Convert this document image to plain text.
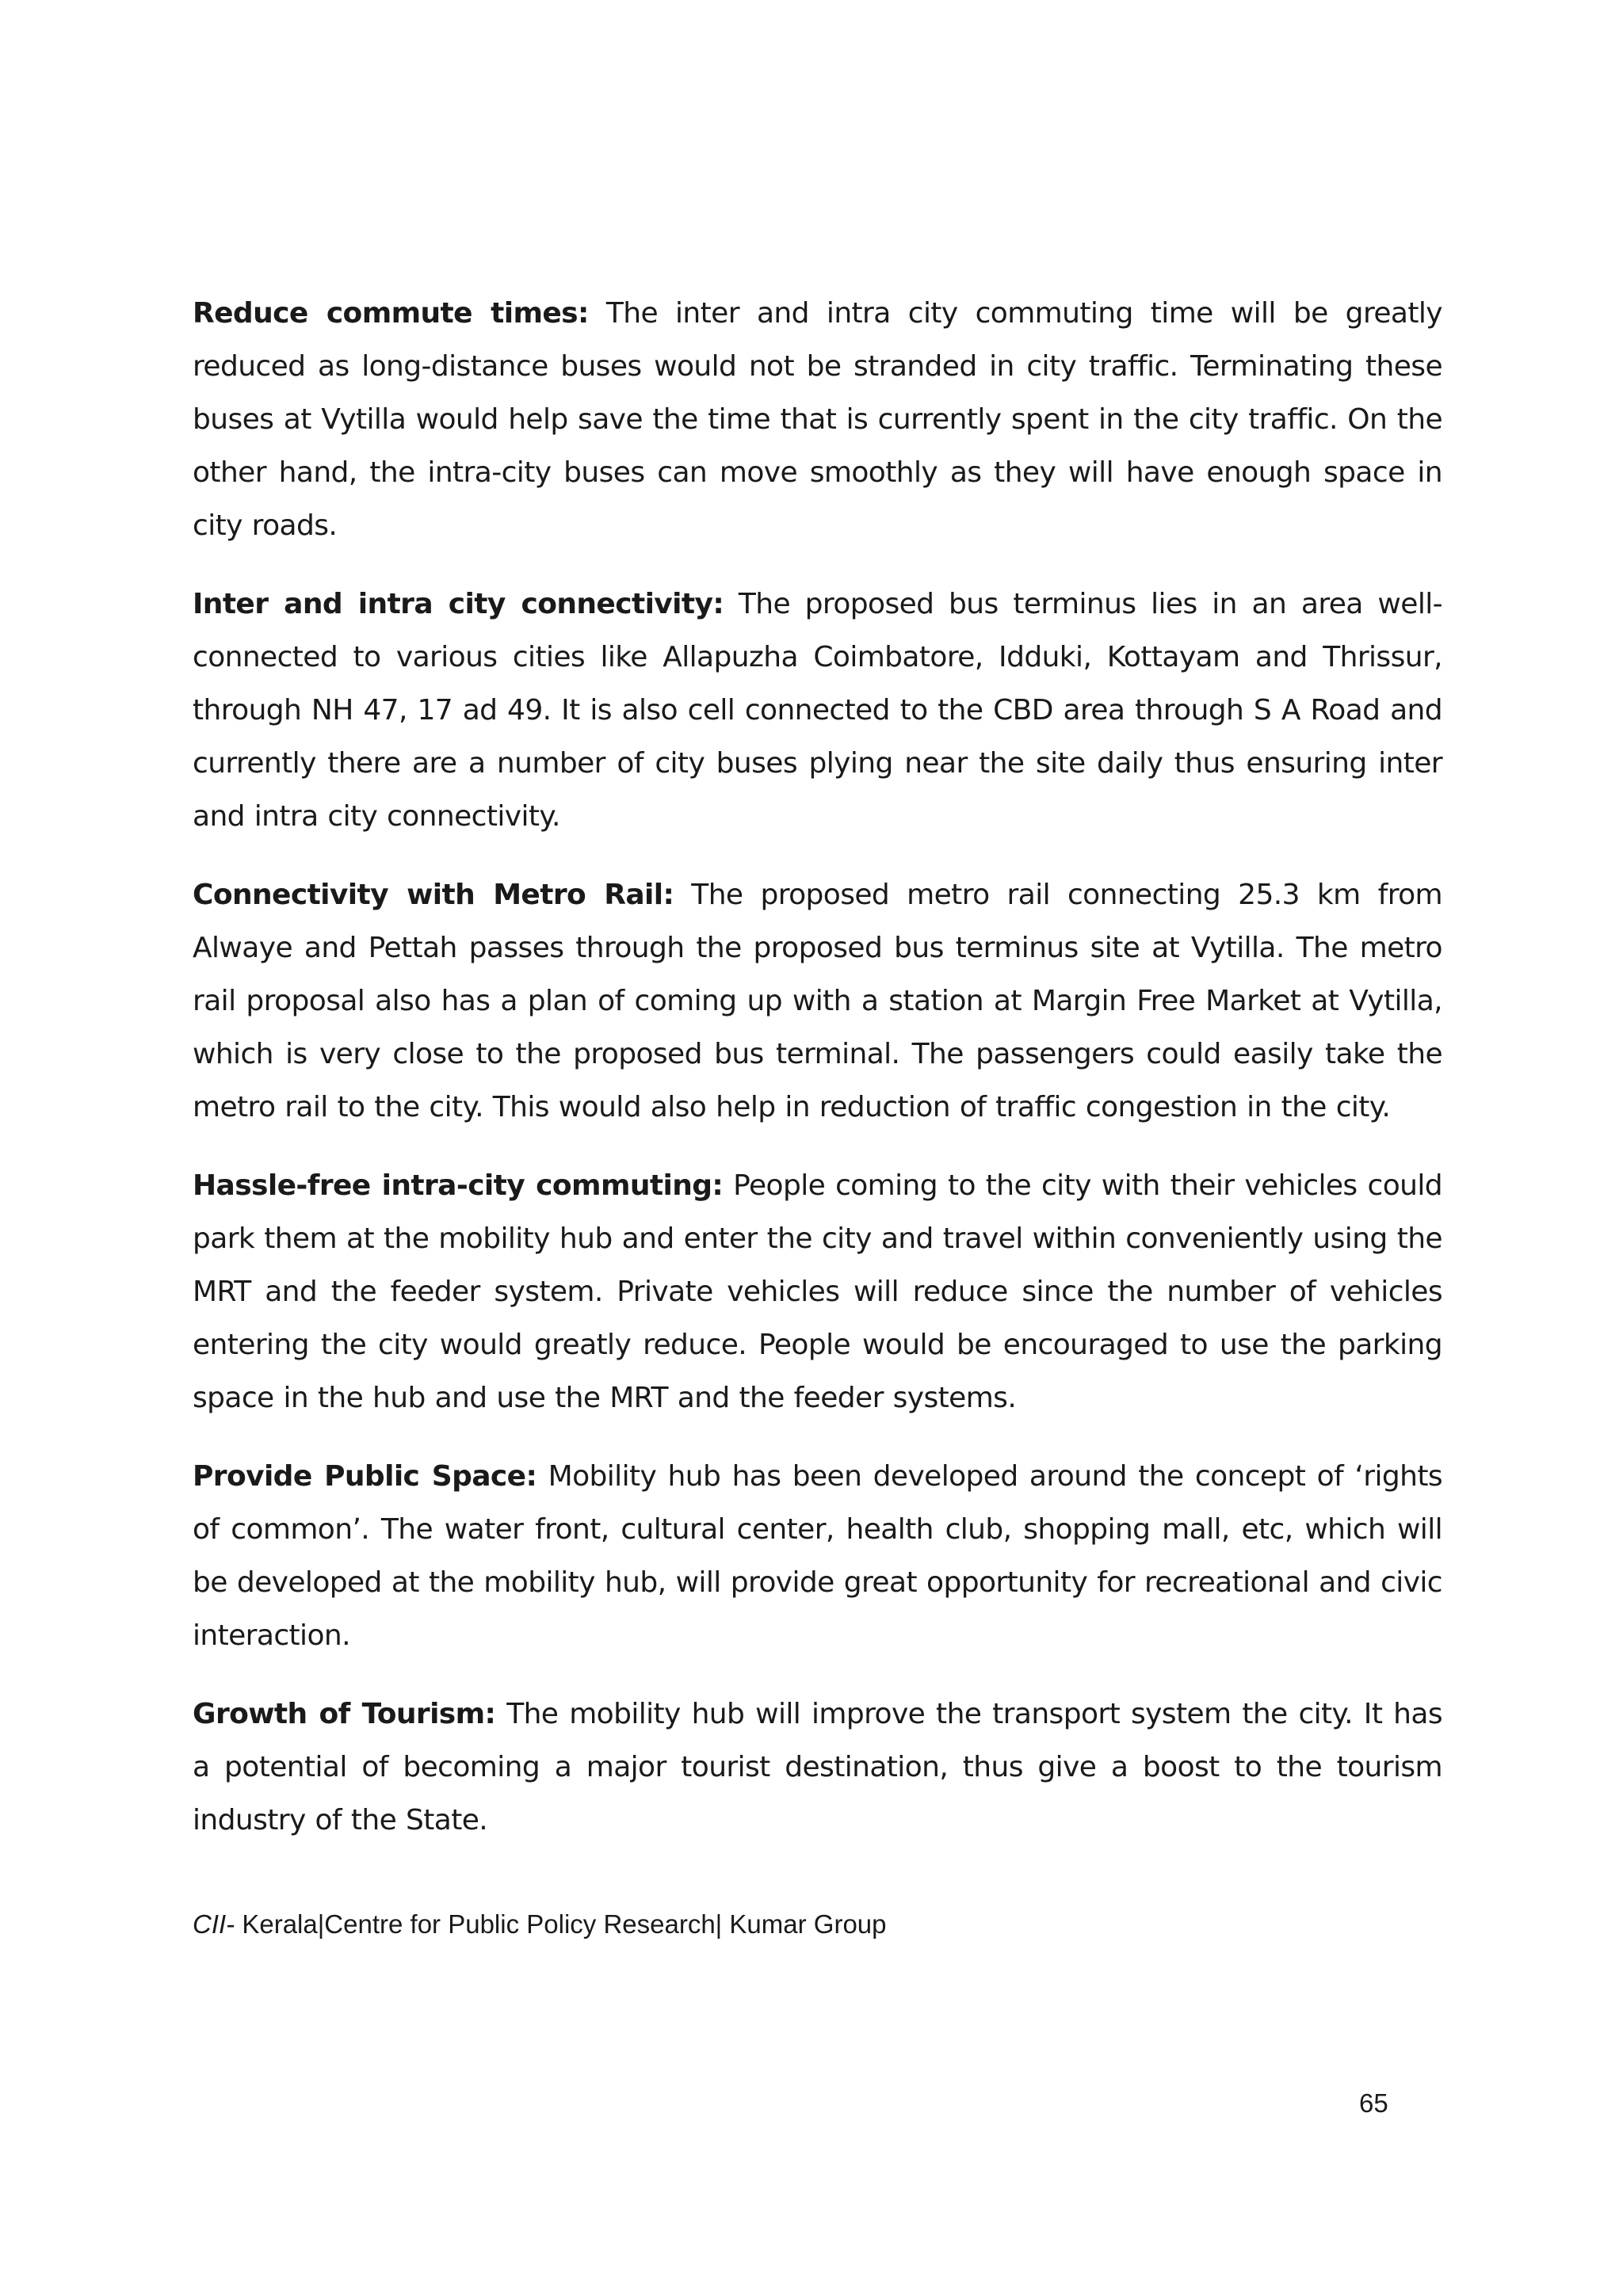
Reduce commute times: The inter and intra city commuting time will be greatly reduced as long-distance buses would not be stranded in city traffic. Terminating these buses at Vytilla would help save the time that is currently spent in the city traffic. On the other hand, the intra-city buses can move smoothly as they will have enough space in city roads.

Inter and intra city connectivity: The proposed bus terminus lies in an area well-connected to various cities like Allapuzha Coimbatore, Idduki, Kottayam and Thrissur, through NH 47, 17 ad 49. It is also cell connected to the CBD area through S A Road and currently there are a number of city buses plying near the site daily thus ensuring inter and intra city connectivity.

Connectivity with Metro Rail: The proposed metro rail connecting 25.3 km from Alwaye and Pettah passes through the proposed bus terminus site at Vytilla. The metro rail proposal also has a plan of coming up with a station at Margin Free Market at Vytilla, which is very close to the proposed bus terminal. The passengers could easily take the metro rail to the city. This would also help in reduction of traffic congestion in the city.

Hassle-free intra-city commuting: People coming to the city with their vehicles could park them at the mobility hub and enter the city and travel within conveniently using the MRT and the feeder system. Private vehicles will reduce since the number of vehicles entering the city would greatly reduce. People would be encouraged to use the parking space in the hub and use the MRT and the feeder systems.

Provide Public Space: Mobility hub has been developed around the concept of ‘rights of common’. The water front, cultural center, health club, shopping mall, etc, which will be developed at the mobility hub, will provide great opportunity for recreational and civic interaction.

Growth of Tourism: The mobility hub will improve the transport system the city. It has a potential of becoming a major tourist destination, thus give a boost to the tourism industry of the State.

CII- Kerala|Centre for Public Policy Research| Kumar Group
65
